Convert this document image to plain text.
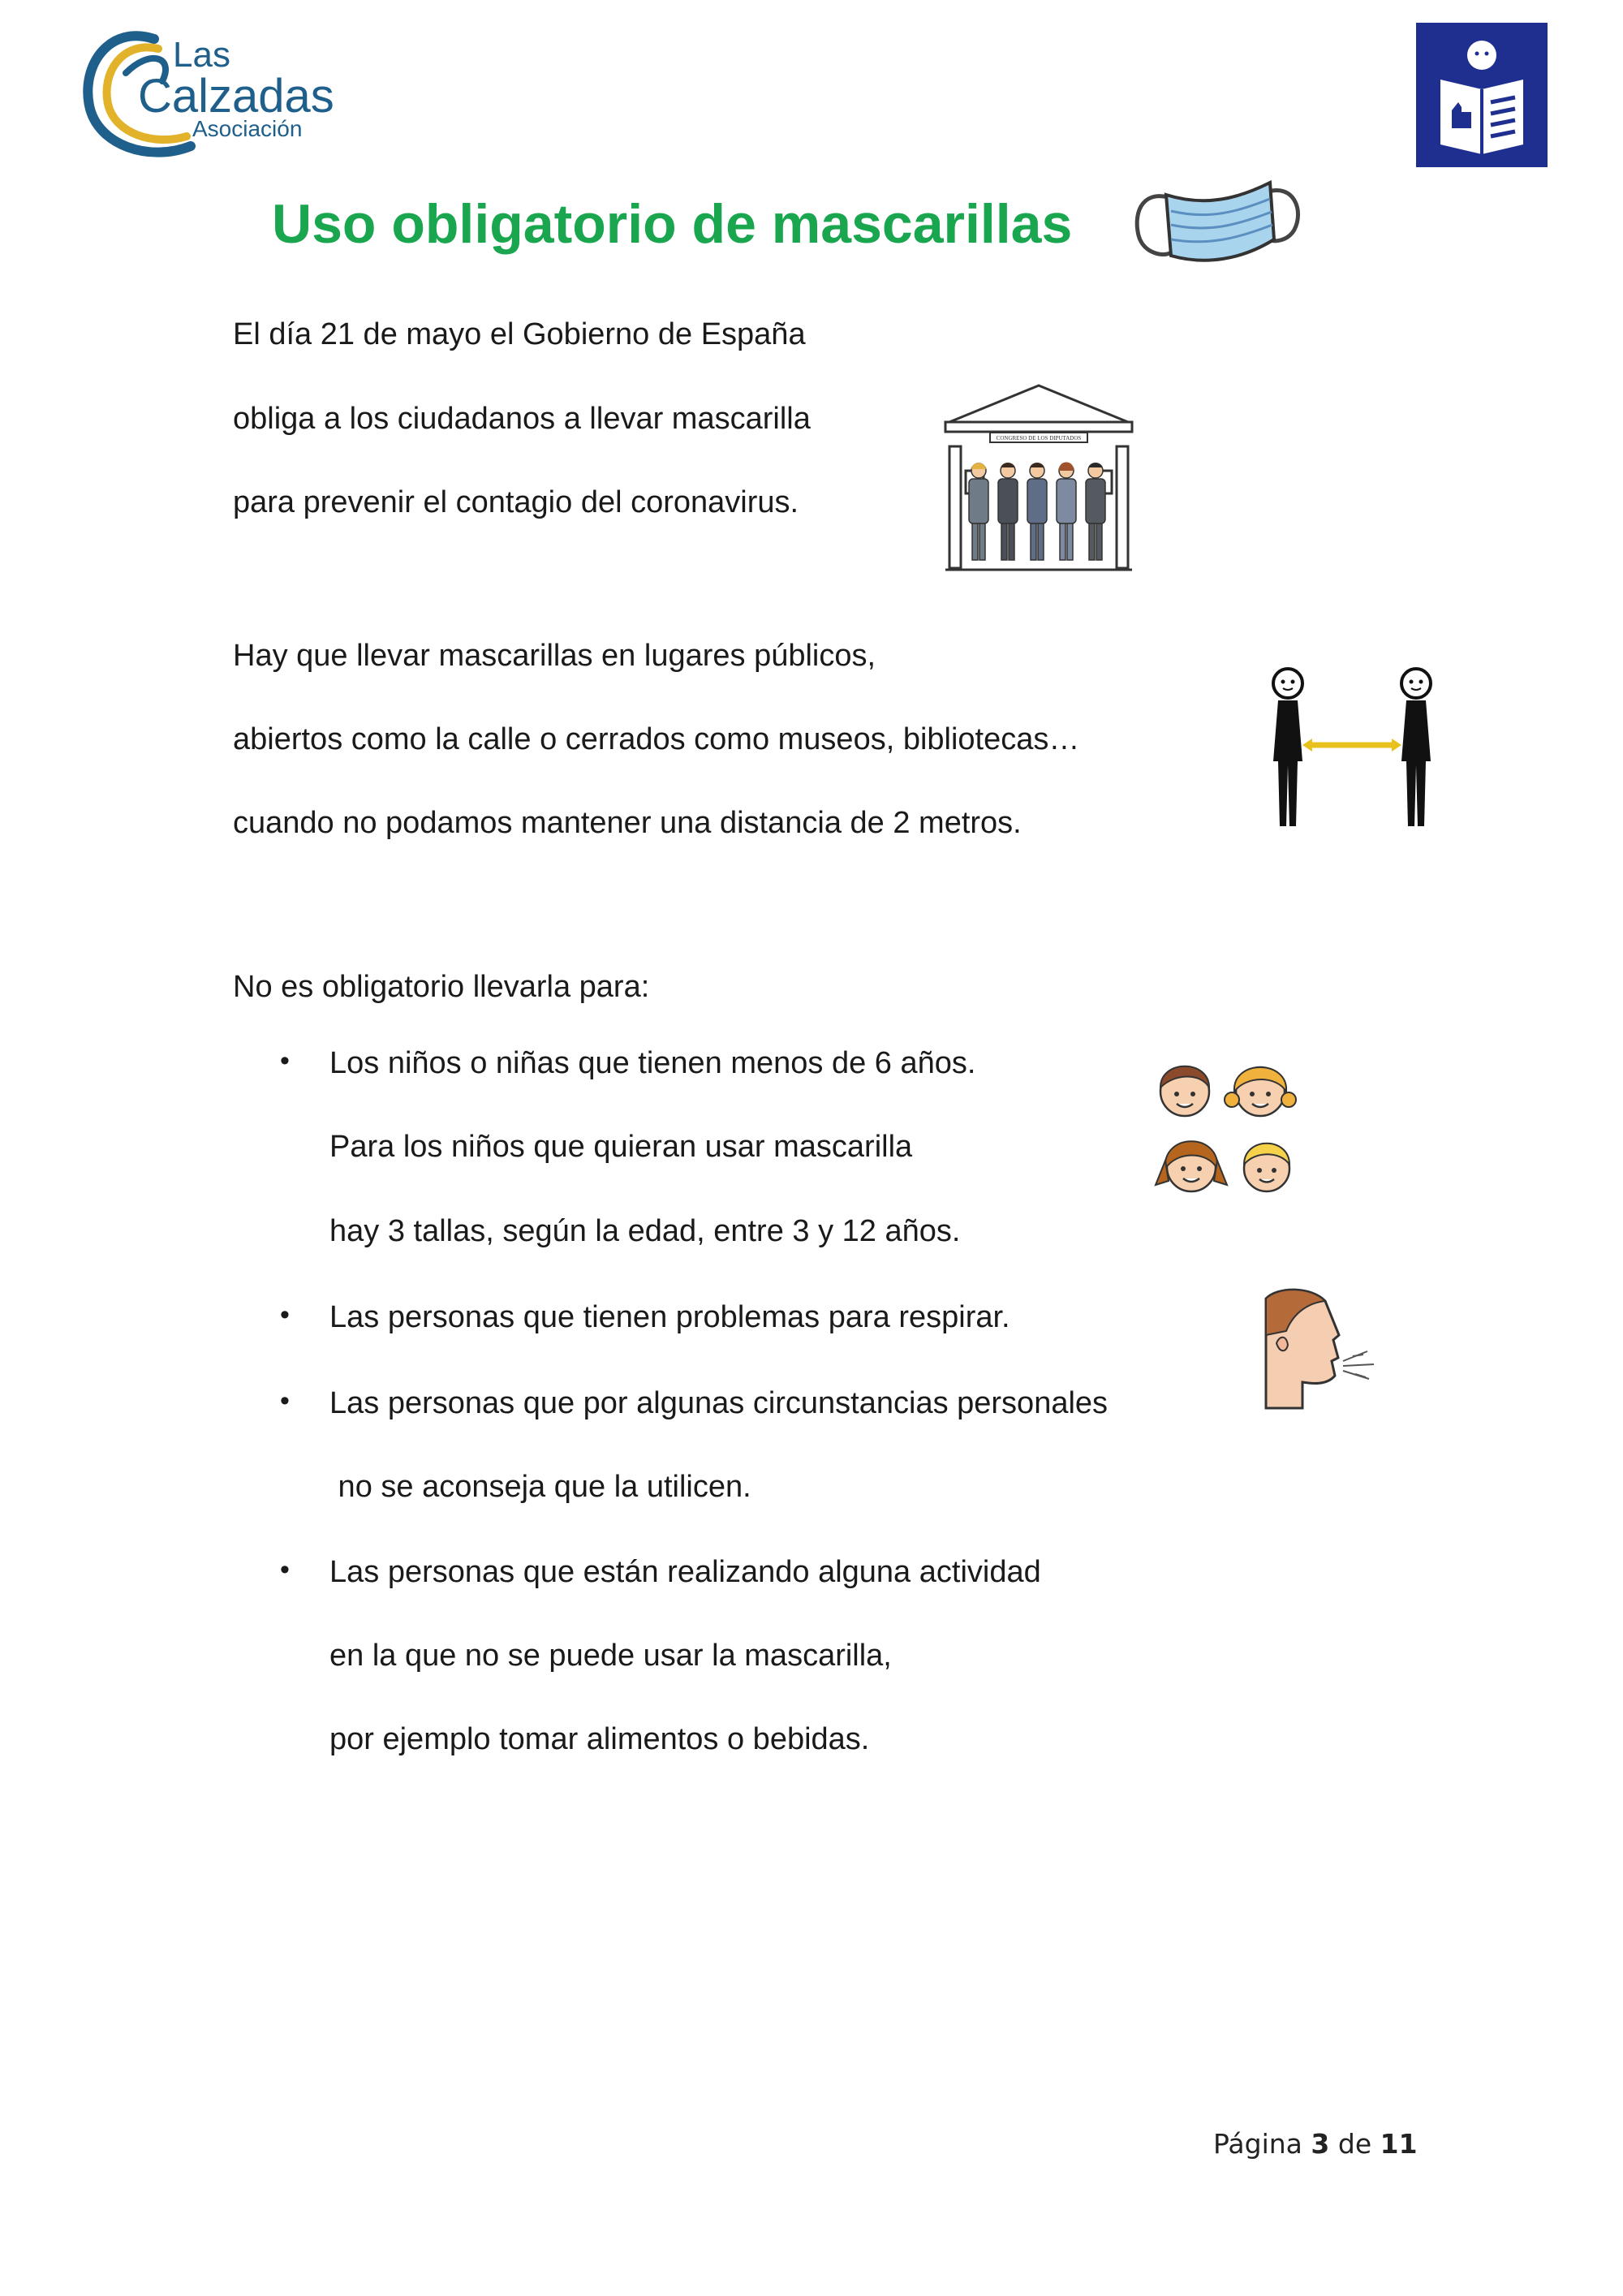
Las
Calzadas
Asociación
Uso obligatorio de mascarillas
El día 21 de mayo el Gobierno de España
obliga a los ciudadanos a llevar mascarilla
para prevenir el contagio del coronavirus.
CONGRESO DE LOS DIPUTADOS
Hay que llevar mascarillas en lugares públicos,
abiertos como la calle o cerrados como museos, bibliotecas…
cuando no podamos mantener una distancia de 2 metros.
No es obligatorio llevarla para:
• Los niños o niñas que tienen menos de 6 años.
Para los niños que quieran usar mascarilla
hay 3 tallas, según la edad, entre 3 y 12 años.
• Las personas que tienen problemas para respirar.
• Las personas que por algunas circunstancias personales
no se aconseja que la utilicen.
• Las personas que están realizando alguna actividad
en la que no se puede usar la mascarilla,
por ejemplo tomar alimentos o bebidas.
Página 3 de 11
